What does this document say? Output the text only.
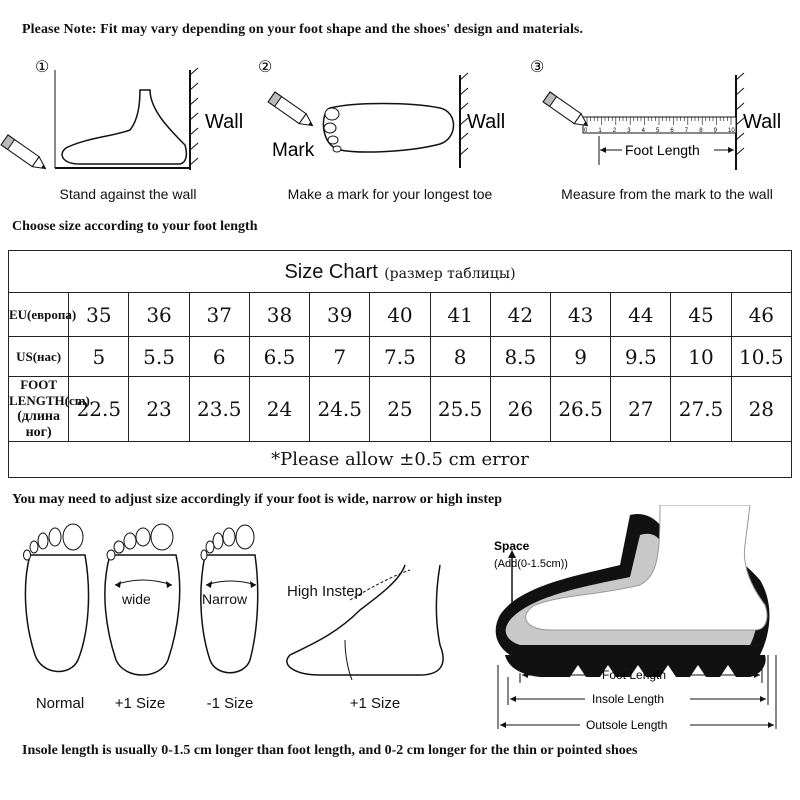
Please Note: Fit may vary depending on your foot shape and the shoes' design and materials.
①
Wall
②
Mark
Wall
③
0 1 2 3 4 5 6 7 8 9 10
Foot Length
Wall
Stand against the wall	Make a mark for your longest toe	Measure from the mark to the wall
Choose size according to your foot length
Size Chart (размер таблицы)												
EU(европа)	35	36	37	38	39	40	41	42	43	44	45	46
US(нас)	5	5.5	6	6.5	7	7.5	8	8.5	9	9.5	10	10.5

FOOT LENGTH(cm)
(длина ног)	22.5	23	23.5	24	24.5	25	25.5	26	26.5	27	27.5	28
*Please allow ±0.5 cm error												
You may need to adjust size accordingly if your foot is wide, narrow or high instep
High Instep
wide	Narrow
Normal	+1 Size	-1 Size	+1 Size
Space
(Add(0-1.5cm))
Foot Length
Insole Length
Outsole Length
Insole length is usually 0-1.5 cm longer than foot length, and 0-2 cm longer for the thin or pointed shoes
